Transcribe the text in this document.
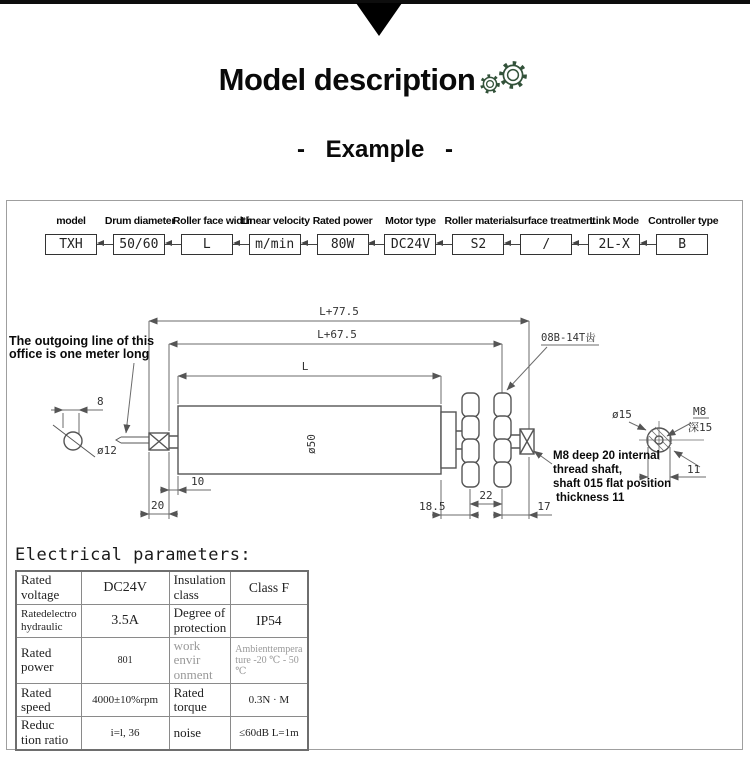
Model description
- Example -
model
TXH
Drum diameter
50/60
Roller face width
L
Linear velocity
m/min
Rated power
80W
Motor type
DC24V
Roller material
S2
surface treatment
/
Link Mode
2L-X
Controller type
B
L+77.5
L+67.5
L
ø50
8
ø12
10
20
22
18.5	17
08B-14T齿
ø15	M8
深15
11
The outgoing line of this
office is one meter long
M8 deep 20 internal
thread shaft,
shaft 015 flat position
thickness 11
Electrical parameters:
Rated voltage	DC24V	Insulation class	Class F
Ratedelectro hydraulic	3.5A	Degree of protection	IP54
Rated power	801	work envir onment	Ambienttempera ture -20 ℃ - 50 ℃
Rated speed	4000±10%rpm	Rated torque	0.3N · M
Reduc tion ratio	i=l, 36	noise	≤60dB L=1m
